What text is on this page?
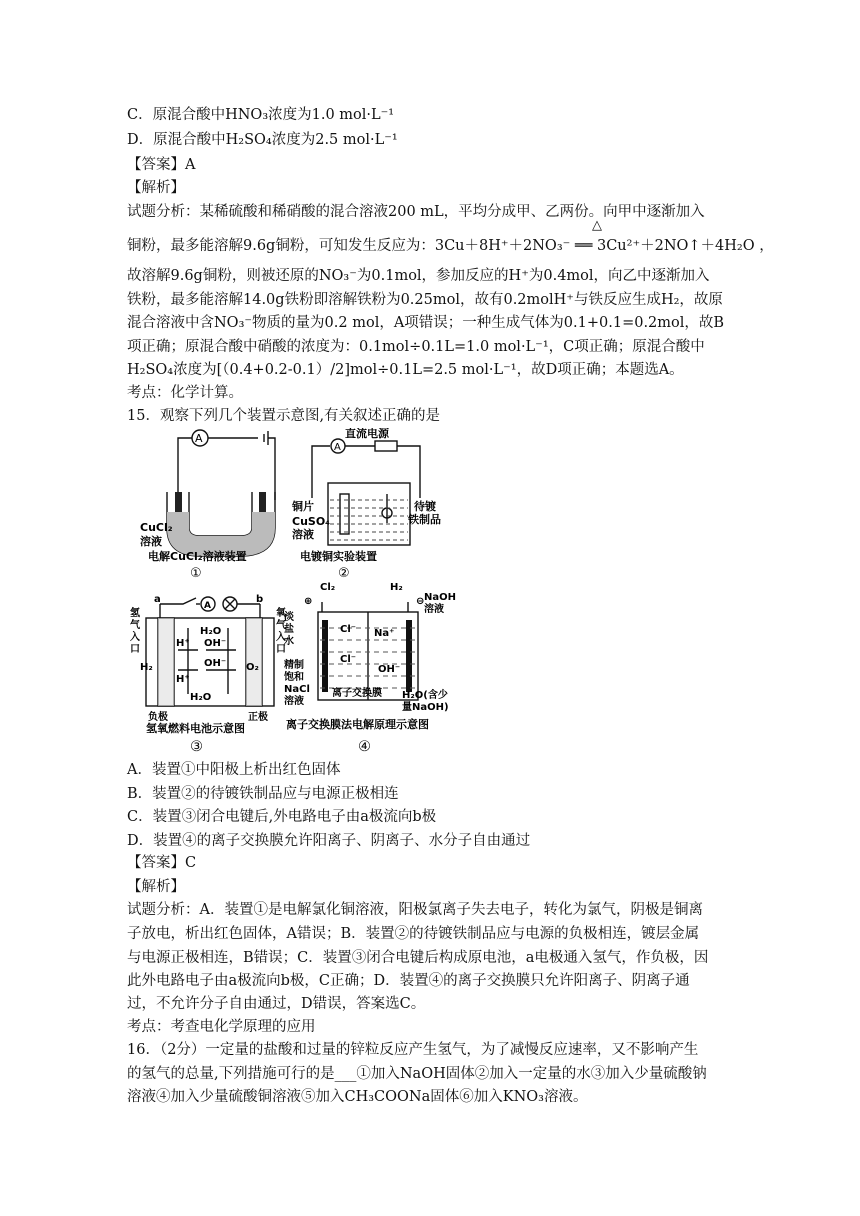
C．原混合酸中HNO₃浓度为1.0 mol·L⁻¹
D．原混合酸中H₂SO₄浓度为2.5 mol·L⁻¹
【答案】A
【解析】
试题分析：某稀硫酸和稀硝酸的混合溶液200 mL，平均分成甲、乙两份。向甲中逐渐加入
铜粉，最多能溶解9.6g铜粉，可知发生反应为：3Cu＋8H⁺＋2NO₃⁻ ══ 3Cu²⁺＋2NO↑＋4H₂O ，
△
故溶解9.6g铜粉，则被还原的NO₃⁻为0.1mol，参加反应的H⁺为0.4mol，向乙中逐渐加入
铁粉，最多能溶解14.0g铁粉即溶解铁粉为0.25mol，故有0.2molH⁺与铁反应生成H₂，故原
混合溶液中含NO₃⁻物质的量为0.2 mol，A项错误；一种生成气体为0.1+0.1=0.2mol，故B
项正确；原混合酸中硝酸的浓度为：0.1mol÷0.1L=1.0 mol·L⁻¹，C项正确；原混合酸中
H₂SO₄浓度为[（0.4+0.2-0.1）/2]mol÷0.1L=2.5 mol·L⁻¹，故D项正确；本题选A。
考点：化学计算。
15．观察下列几个装置示意图,有关叙述正确的是
A
CuCl₂
溶液
电解CuCl₂溶液装置
①
直流电源
A
铜片
CuSO₄
溶液
待镀
铁制品
电镀铜实验装置
②
氢
气
入
口
氧
气
入
口
a	b
A
H₂O
H⁺ OH⁻
OH⁻
H⁺
H₂O
H₂	O₂
负极	正极
氢氧燃料电池示意图
③
Cl₂	H₂
⊕	⊖ NaOH
溶液
淡
盐
水
精制
饱和
NaCl
溶液
Cl⁻
Cl⁻
Na⁺
OH⁻
离子交换膜 H₂O(含少
量NaOH)
离子交换膜法电解原理示意图
④
A．装置①中阳极上析出红色固体
B．装置②的待镀铁制品应与电源正极相连
C．装置③闭合电键后,外电路电子由a极流向b极
D．装置④的离子交换膜允许阳离子、阴离子、水分子自由通过
【答案】C
【解析】
试题分析：A．装置①是电解氯化铜溶液，阳极氯离子失去电子，转化为氯气，阴极是铜离
子放电，析出红色固体，A错误；B．装置②的待镀铁制品应与电源的负极相连，镀层金属
与电源正极相连，B错误；C．装置③闭合电键后构成原电池，a电极通入氢气，作负极，因
此外电路电子由a极流向b极，C正确；D．装置④的离子交换膜只允许阳离子、阴离子通
过，不允许分子自由通过，D错误，答案选C。
考点：考查电化学原理的应用
16．（2分）一定量的盐酸和过量的锌粒反应产生氢气，为了减慢反应速率，又不影响产生
的氢气的总量,下列措施可行的是___①加入NaOH固体②加入一定量的水③加入少量硫酸钠
溶液④加入少量硫酸铜溶液⑤加入CH₃COONa固体⑥加入KNO₃溶液。
